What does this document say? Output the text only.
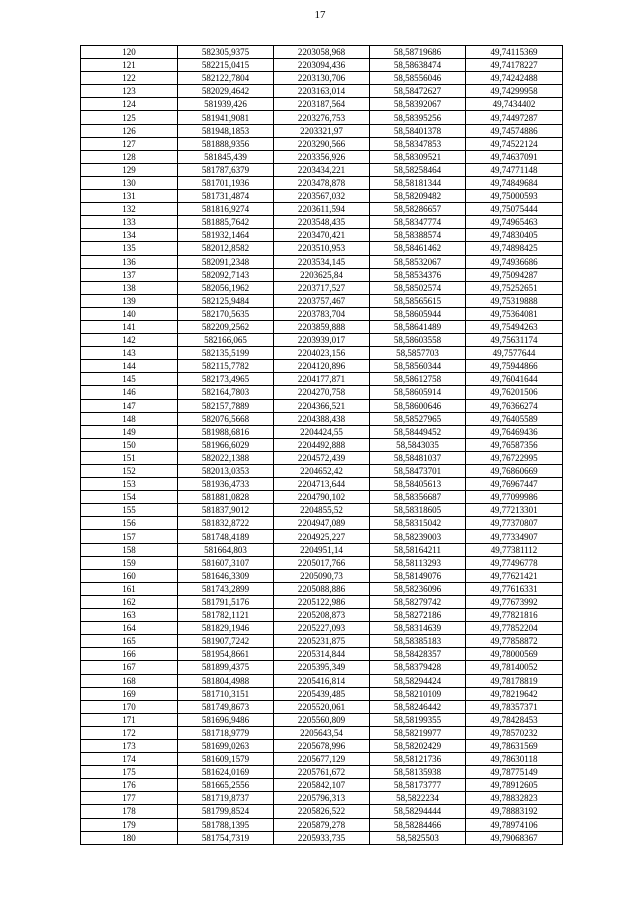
17
120	582305,9375	2203058,968	58,58719686	49,74115369
121	582215,0415	2203094,436	58,58638474	49,74178227
122	582122,7804	2203130,706	58,58556046	49,74242488
123	582029,4642	2203163,014	58,58472627	49,74299958
124	581939,426	2203187,564	58,58392067	49,7434402
125	581941,9081	2203276,753	58,58395256	49,74497287
126	581948,1853	2203321,97	58,58401378	49,74574886
127	581888,9356	2203290,566	58,58347853	49,74522124
128	581845,439	2203356,926	58,58309521	49,74637091
129	581787,6379	2203434,221	58,58258464	49,74771148
130	581701,1936	2203478,878	58,58181344	49,74849684
131	581731,4874	2203567,032	58,58209482	49,75000593
132	581816,9274	2203611,594	58,58286657	49,75075444
133	581885,7642	2203548,435	58,58347774	49,74965463
134	581932,1464	2203470,421	58,58388574	49,74830405
135	582012,8582	2203510,953	58,58461462	49,74898425
136	582091,2348	2203534,145	58,58532067	49,74936686
137	582092,7143	2203625,84	58,58534376	49,75094287
138	582056,1962	2203717,527	58,58502574	49,75252651
139	582125,9484	2203757,467	58,58565615	49,75319888
140	582170,5635	2203783,704	58,58605944	49,75364081
141	582209,2562	2203859,888	58,58641489	49,75494263
142	582166,065	2203939,017	58,58603558	49,75631174
143	582135,5199	2204023,156	58,5857703	49,7577644
144	582115,7782	2204120,896	58,58560344	49,75944866
145	582173,4965	2204177,871	58,58612758	49,76041644
146	582164,7803	2204270,758	58,58605914	49,76201506
147	582157,7889	2204366,521	58,58600646	49,76366274
148	582076,5668	2204388,438	58,58527965	49,76405589
149	581988,6816	2204424,55	58,58449452	49,76469436
150	581966,6029	2204492,888	58,5843035	49,76587356
151	582022,1388	2204572,439	58,58481037	49,76722995
152	582013,0353	2204652,42	58,58473701	49,76860669
153	581936,4733	2204713,644	58,58405613	49,76967447
154	581881,0828	2204790,102	58,58356687	49,77099986
155	581837,9012	2204855,52	58,58318605	49,77213301
156	581832,8722	2204947,089	58,58315042	49,77370807
157	581748,4189	2204925,227	58,58239003	49,77334907
158	581664,803	2204951,14	58,58164211	49,77381112
159	581607,3107	2205017,766	58,58113293	49,77496778
160	581646,3309	2205090,73	58,58149076	49,77621421
161	581743,2899	2205088,886	58,58236096	49,77616331
162	581791,5176	2205122,986	58,58279742	49,77673992
163	581782,1121	2205208,873	58,58272186	49,77821816
164	581829,1946	2205227,093	58,58314639	49,77852204
165	581907,7242	2205231,875	58,58385183	49,77858872
166	581954,8661	2205314,844	58,58428357	49,78000569
167	581899,4375	2205395,349	58,58379428	49,78140052
168	581804,4988	2205416,814	58,58294424	49,78178819
169	581710,3151	2205439,485	58,58210109	49,78219642
170	581749,8673	2205520,061	58,58246442	49,78357371
171	581696,9486	2205560,809	58,58199355	49,78428453
172	581718,9779	2205643,54	58,58219977	49,78570232
173	581699,0263	2205678,996	58,58202429	49,78631569
174	581609,1579	2205677,129	58,58121736	49,78630118
175	581624,0169	2205761,672	58,58135938	49,78775149
176	581665,2556	2205842,107	58,58173777	49,78912605
177	581719,8737	2205796,313	58,5822234	49,78832823
178	581799,8524	2205826,522	58,58294444	49,78883192
179	581788,1395	2205879,278	58,58284466	49,78974106
180	581754,7319	2205933,735	58,5825503	49,79068367
